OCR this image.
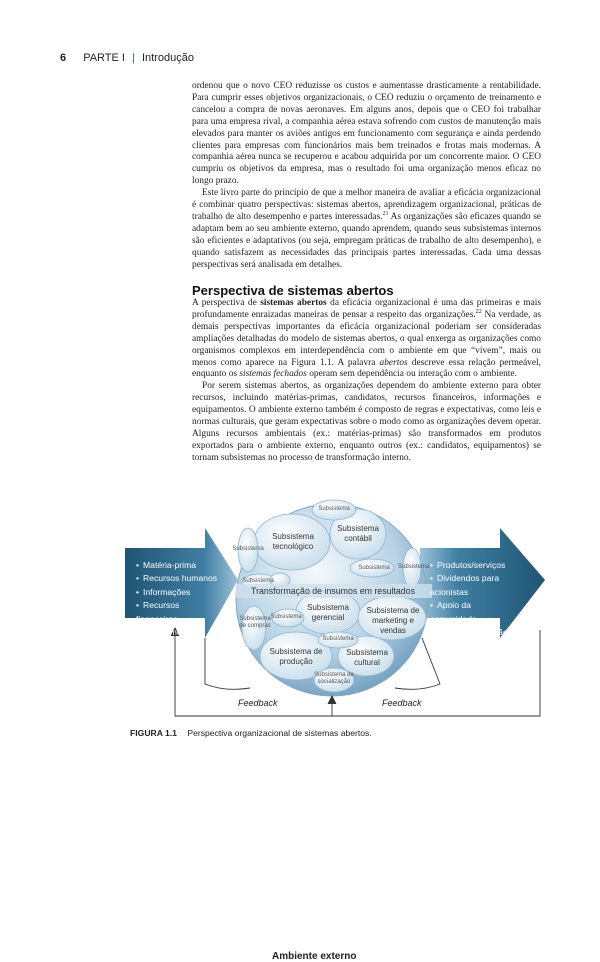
6 PARTE I | Introdução

ordenou que o novo CEO reduzisse os custos e aumentasse drasticamente a rentabilidade. Para cumprir esses objetivos organizacionais, o CEO reduziu o orçamento de treinamento e cancelou a compra de novas aeronaves. Em alguns anos, depois que o CEO foi trabalhar para uma empresa rival, a companhia aérea estava sofrendo com custos de manutenção mais elevados para manter os aviões antigos em funcionamento com segurança e ainda perdendo clientes para empresas com funcionários mais bem treinados e frotas mais modernas. A companhia aérea nunca se recuperou e acabou adquirida por um concorrente maior. O CEO cumpriu os objetivos da empresa, mas o resultado foi uma organização menos eficaz no longo prazo.

Este livro parte do princípio de que a melhor maneira de avaliar a eficácia organizacional é combinar quatro perspectivas: sistemas abertos, aprendizagem organizacional, práticas de trabalho de alto desempenho e partes interessadas.$^{21}$ As organizações são eficazes quando se adaptam bem ao seu ambiente externo, quando aprendem, quando seus subsistemas internos são eficientes e adaptativos (ou seja, empregam práticas de trabalho de alto desempenho), e quando satisfazem as necessidades das principais partes interessadas. Cada uma dessas perspectivas será analisada em detalhes.

Perspectiva de sistemas abertos

A perspectiva de sistemas abertos da eficácia organizacional é uma das primeiras e mais profundamente enraizadas maneiras de pensar a respeito das organizações.$^{22}$ Na verdade, as demais perspectivas importantes da eficácia organizacional poderiam ser consideradas ampliações detalhadas do modelo de sistemas abertos, o qual enxerga as organizações como organismos complexos em interdependência com o ambiente em que “vivem”, mais ou menos como aparece na Figura 1.1. A palavra abertos descreve essa relação permeável, enquanto os sistemas fechados operam sem dependência ou interação com o ambiente.

Por serem sistemas abertos, as organizações dependem do ambiente externo para obter recursos, incluindo matérias-primas, candidatos, recursos financeiros, informações e equipamentos. O ambiente externo também é composto de regras e expectativas, como leis e normas culturais, que geram expectativas sobre o modo como as organizações devem operar. Alguns recursos ambientais (ex.: matérias-primas) são transformados em produtos exportados para o ambiente externo, enquanto outros (ex.: candidatos, equipamentos) se tornam subsistemas no processo de transformação interno.

Ambiente externo
• Matéria-prima
• Recursos humanos
• Informações
• Recursos financeiros
• Equipamentos
• Produtos/serviços
• Dividendos para acionistas
• Apoio da comunidade
• Resíduos/poluição
Subsistema tecnológico
Subsistema contábil
Subsistema
Subsistema
Subsistema
Subsistema
Subsistema
Subsistema
Subsistema
Transformação de insumos em resultados
Subsistema gerencial
Subsistema de marketing e vendas
Subsistema de compras
Subsistema de produção
Subsistema cultural
Subsistema de socialização
Feedback	Feedback
FIGURA 1.1 Perspectiva organizacional de sistemas abertos.
